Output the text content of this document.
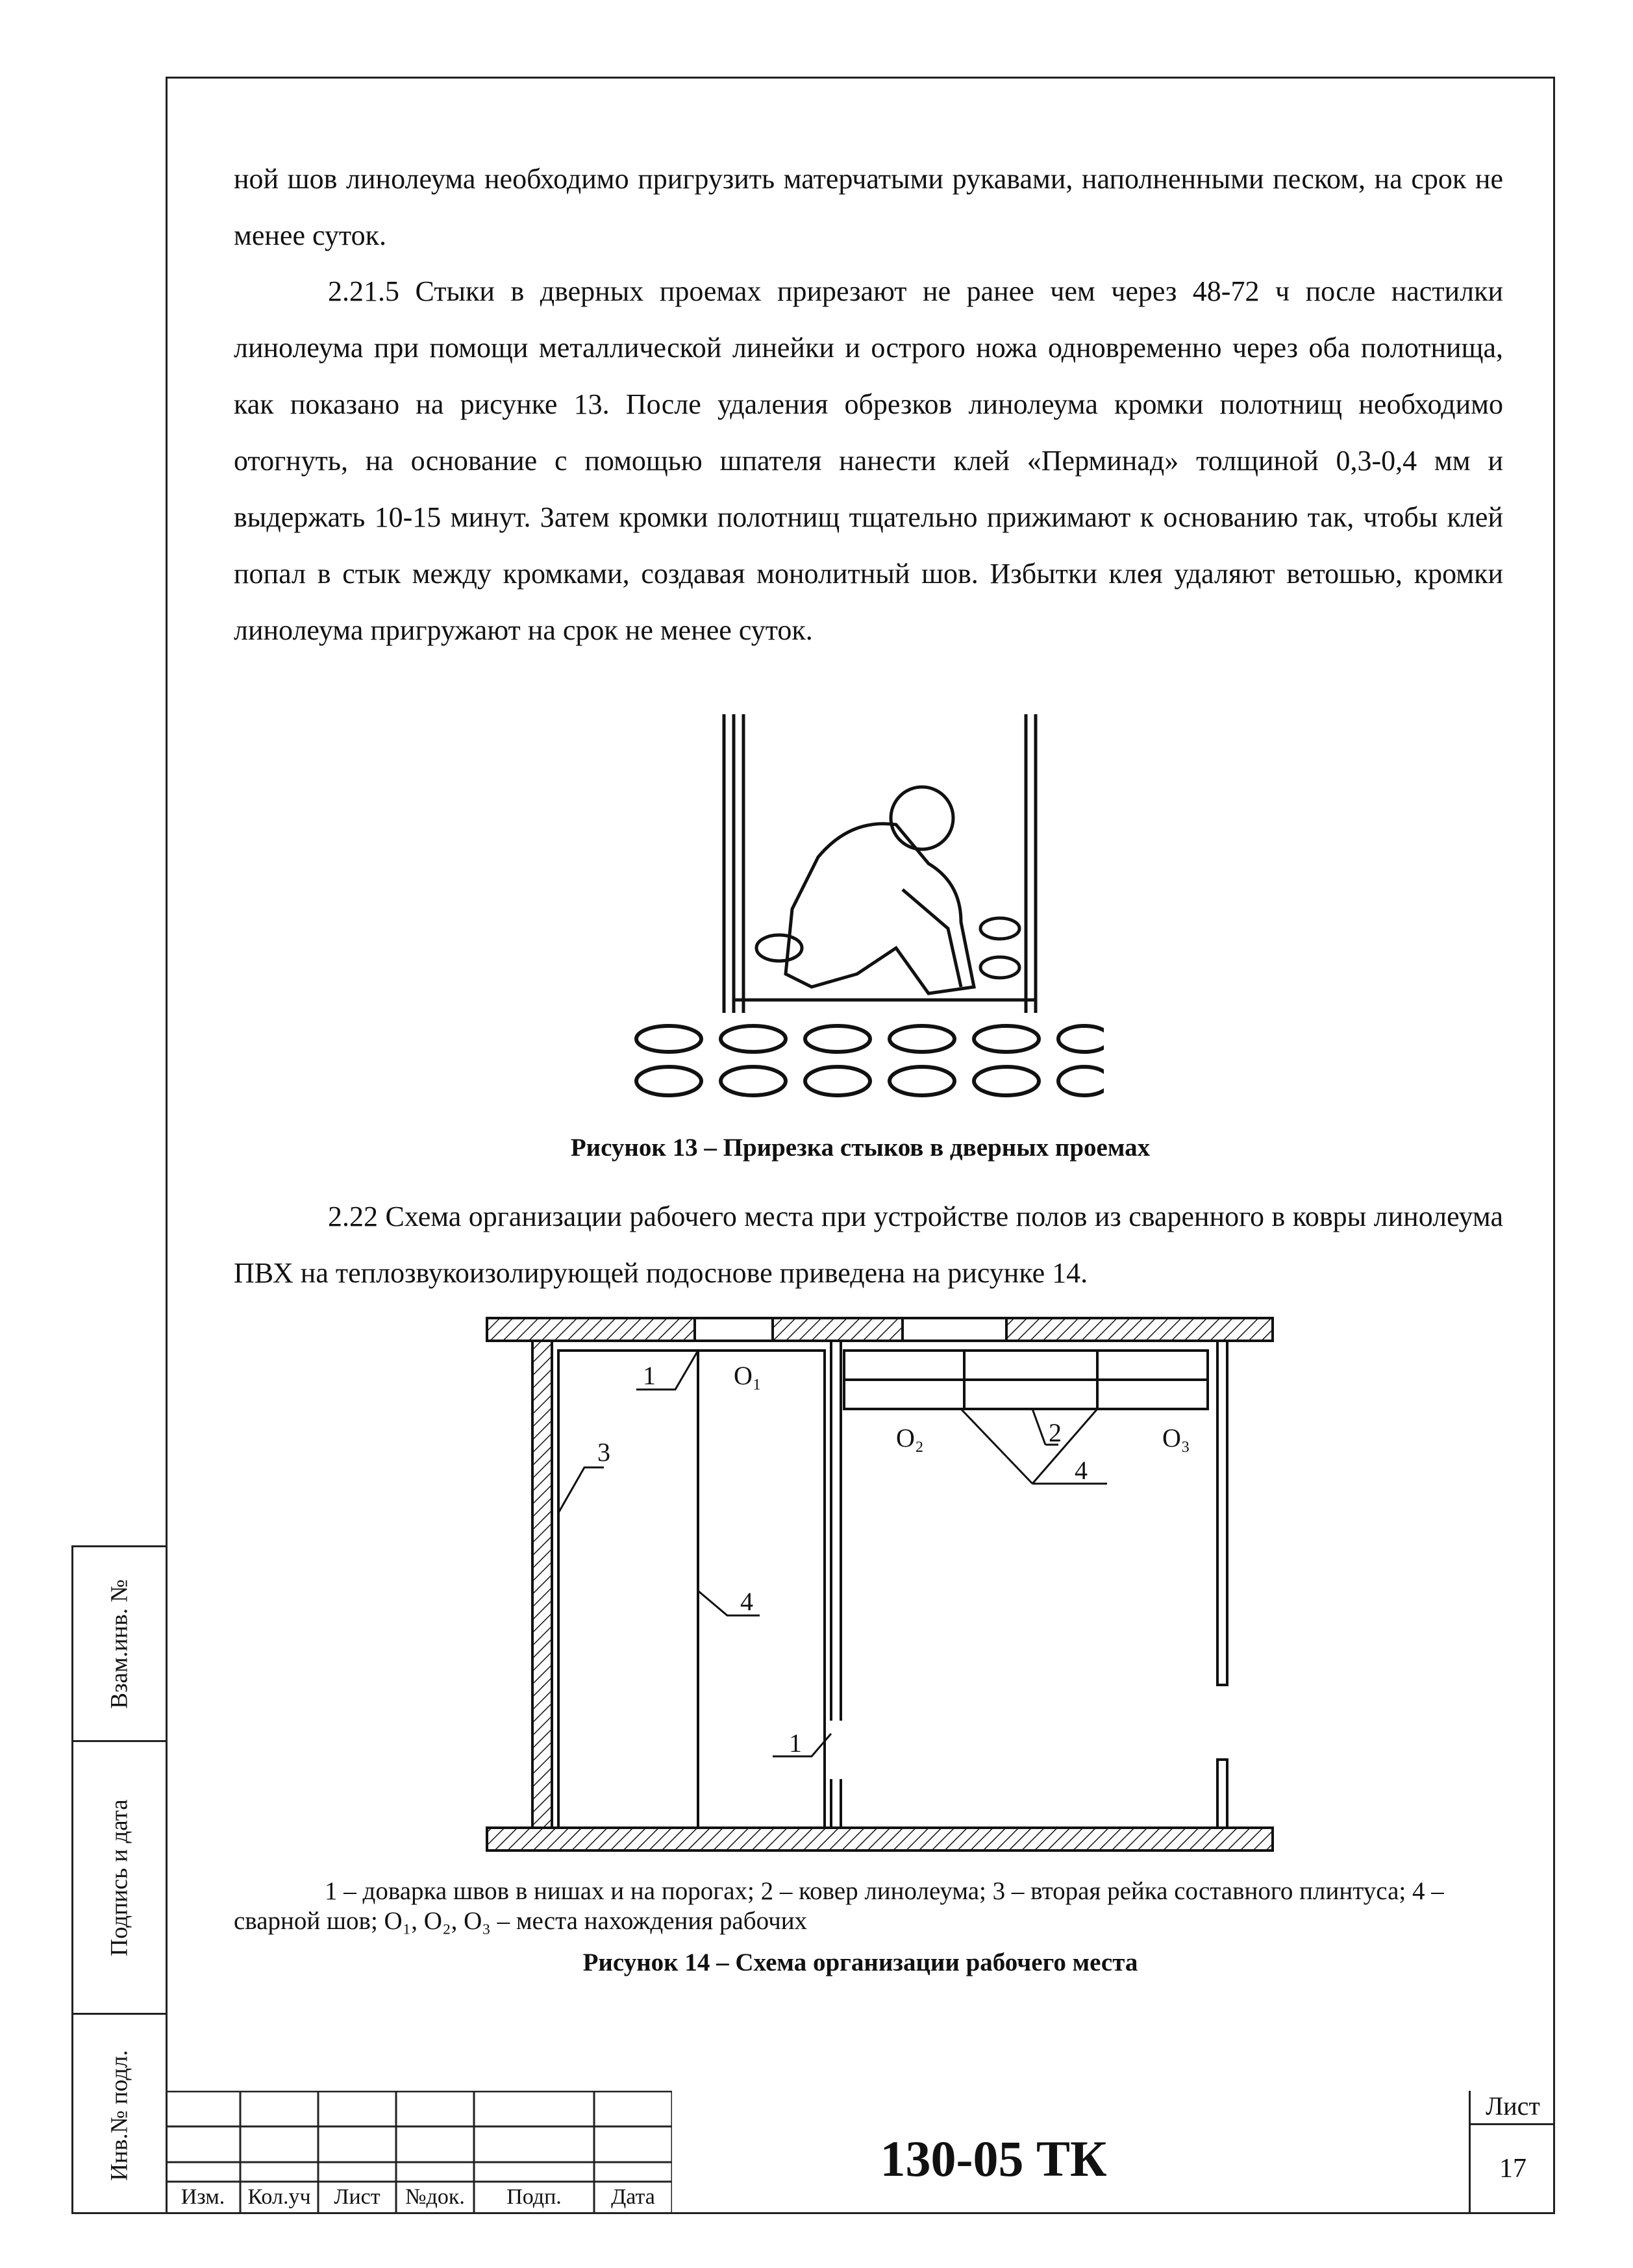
ной шов линолеума необходимо пригрузить матерчатыми рукавами, наполненными песком, на срок не менее суток.
2.21.5 Стыки в дверных проемах прирезают не ранее чем через 48-72 ч после настилки линолеума при помощи металлической линейки и острого ножа одновременно через оба полотнища, как показано на рисунке 13. После удаления обрезков линолеума кромки полотнищ необходимо отогнуть, на основание с помощью шпателя нанести клей «Перминад» толщиной 0,3-0,4 мм и выдержать 10-15 минут. Затем кромки полотнищ тщательно прижимают к основанию так, чтобы клей попал в стык между кромками, создавая монолитный шов. Избытки клея удаляют ветошью, кромки линолеума пригружают на срок не менее суток.
Рисунок 13 – Прирезка стыков в дверных проемах
2.22 Схема организации рабочего места при устройстве полов из сваренного в ковры линолеума ПВХ на теплозвукоизолирующей подоснове приведена на рисунке 14.
1	O₁
3
4
1
O₂	2	O₃
4
1 – доварка швов в нишах и на порогах; 2 – ковер линолеума; 3 – вторая рейка составного плинтуса; 4 – сварной шов; O₁, O₂, O₃ – места нахождения рабочих
Рисунок 14 – Схема организации рабочего места
Взам.инв. №
Подпись и дата
Инв.№ подл.
Изм.	Кол.уч	Лист	№док.	Подп.	Дата
130-05 ТК
Лист
17
